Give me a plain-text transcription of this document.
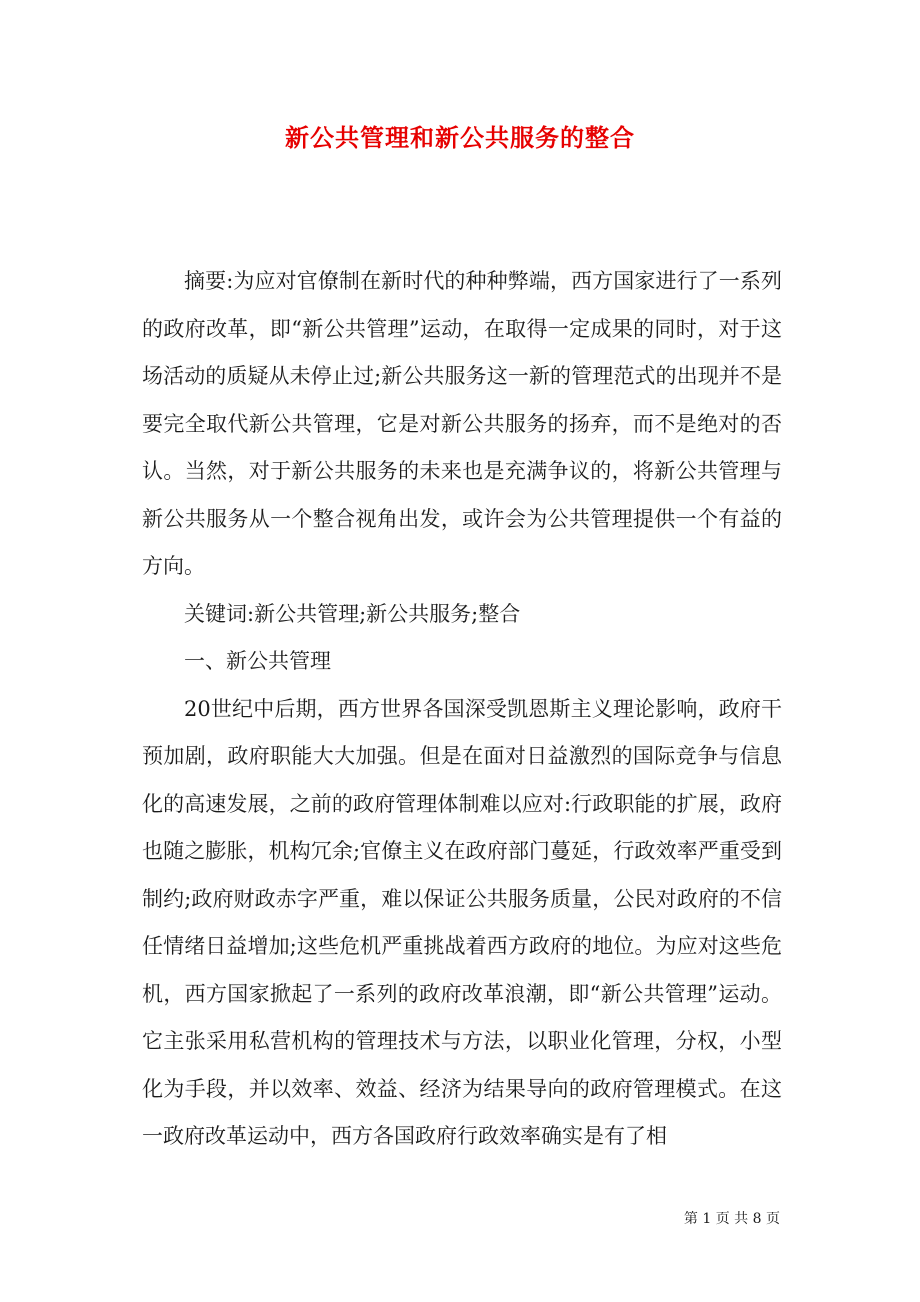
新公共管理和新公共服务的整合

摘要:为应对官僚制在新时代的种种弊端，西方国家进行了一系列的政府改革，即“新公共管理”运动，在取得一定成果的同时，对于这场活动的质疑从未停止过;新公共服务这一新的管理范式的出现并不是要完全取代新公共管理，它是对新公共服务的扬弃，而不是绝对的否认。当然，对于新公共服务的未来也是充满争议的，将新公共管理与新公共服务从一个整合视角出发，或许会为公共管理提供一个有益的方向。

关键词:新公共管理;新公共服务;整合

一、新公共管理

20世纪中后期，西方世界各国深受凯恩斯主义理论影响，政府干预加剧，政府职能大大加强。但是在面对日益激烈的国际竞争与信息化的高速发展，之前的政府管理体制难以应对:行政职能的扩展，政府也随之膨胀，机构冗余;官僚主义在政府部门蔓延，行政效率严重受到制约;政府财政赤字严重，难以保证公共服务质量，公民对政府的不信任情绪日益增加;这些危机严重挑战着西方政府的地位。为应对这些危机，西方国家掀起了一系列的政府改革浪潮，即“新公共管理”运动。它主张采用私营机构的管理技术与方法，以职业化管理，分权，小型化为手段，并以效率、效益、经济为结果导向的政府管理模式。在这一政府改革运动中，西方各国政府行政效率确实是有了相

第 1 页 共 8 页
